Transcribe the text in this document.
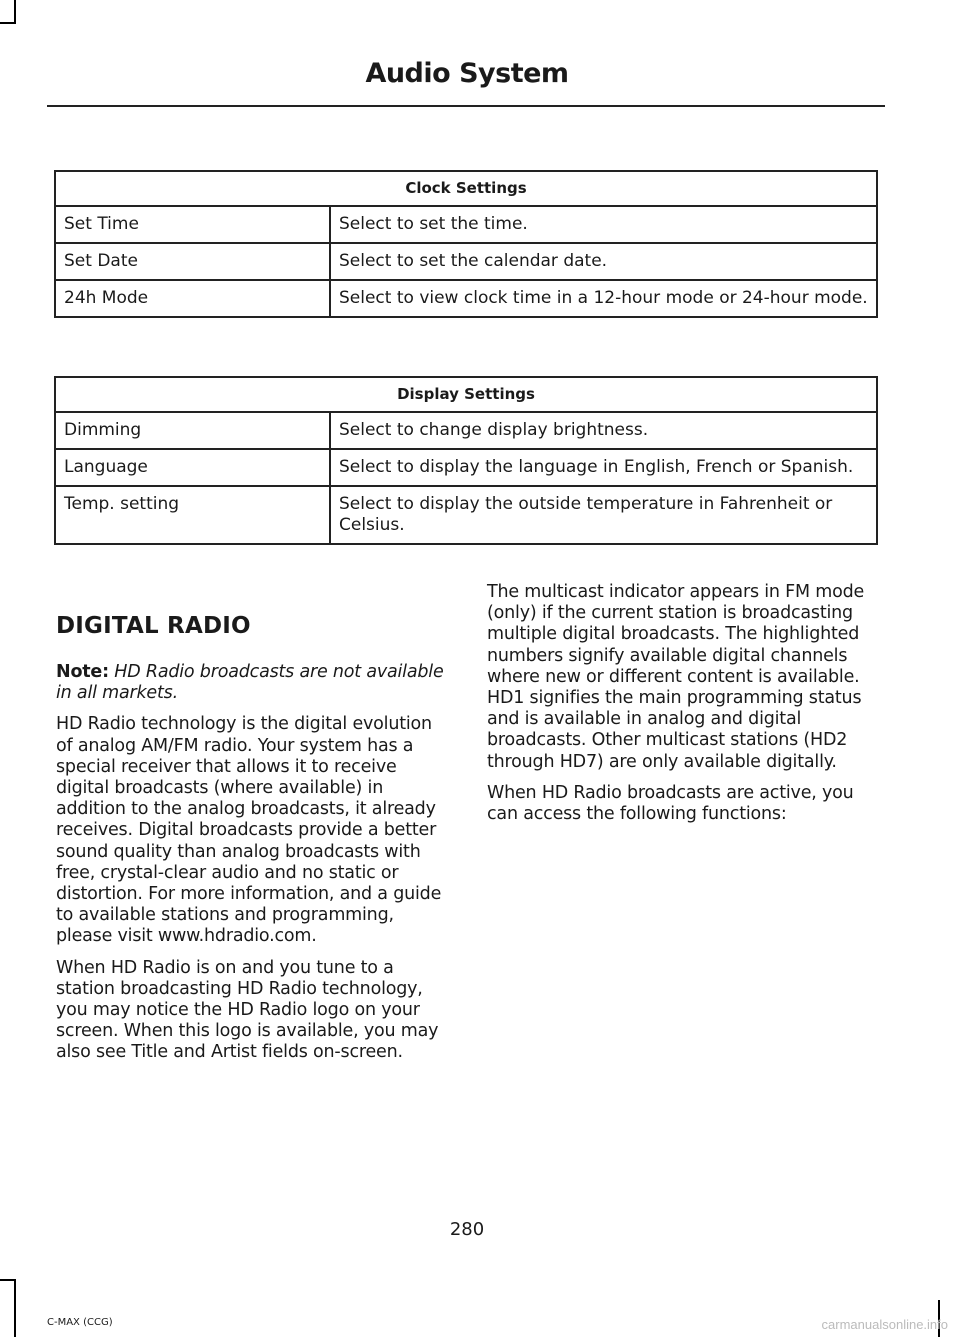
Audio System
Clock Settings	
Set Time	Select to set the time.
Set Date	Select to set the calendar date.
24h Mode	Select to view clock time in a 12-hour mode or 24-hour mode.
Display Settings	
Dimming	Select to change display brightness.
Language	Select to display the language in English, French or Spanish.
Temp. setting	Select to display the outside temperature in Fahrenheit or Celsius.
DIGITAL RADIO

Note: HD Radio broadcasts are not available in all markets.

HD Radio technology is the digital evolution of analog AM/FM radio. Your system has a special receiver that allows it to receive digital broadcasts (where available) in addition to the analog broadcasts, it already receives. Digital broadcasts provide a better sound quality than analog broadcasts with free, crystal-clear audio and no static or distortion. For more information, and a guide to available stations and programming, please visit www.hdradio.com.

When HD Radio is on and you tune to a station broadcasting HD Radio technology, you may notice the HD Radio logo on your screen. When this logo is available, you may also see Title and Artist fields on-screen.

The multicast indicator appears in FM mode (only) if the current station is broadcasting multiple digital broadcasts. The highlighted numbers signify available digital channels where new or different content is available. HD1 signifies the main programming status and is available in analog and digital broadcasts. Other multicast stations (HD2 through HD7) are only available digitally.

When HD Radio broadcasts are active, you can access the following functions:

280
C-MAX (CCG)	carmanualsonline.info
